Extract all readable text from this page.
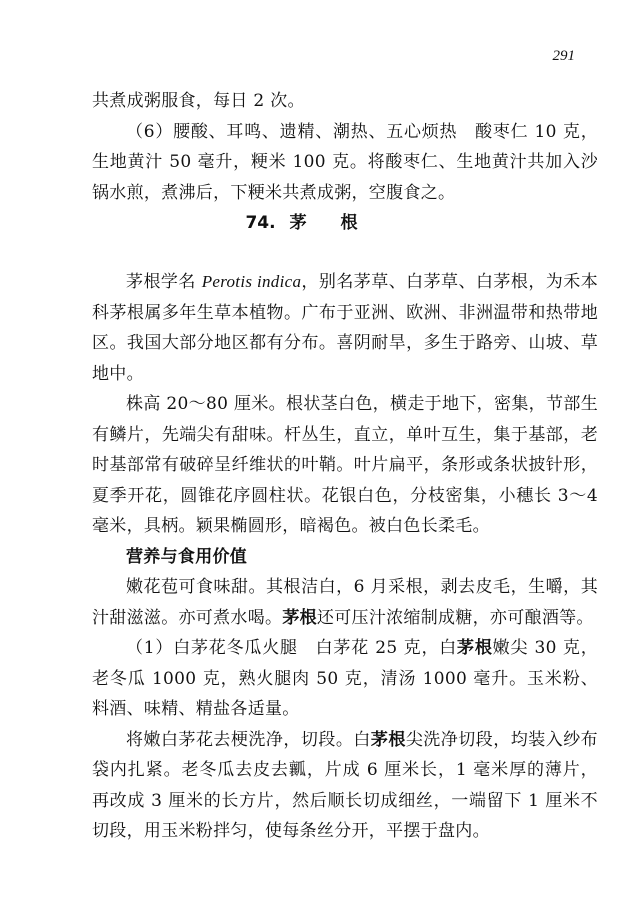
291

共煮成粥服食，每日 2 次。

（6）腰酸、耳鸣、遗精、潮热、五心烦热　酸枣仁 10 克，生地黄汁 50 毫升，粳米 100 克。将酸枣仁、生地黄汁共加入沙锅水煎，煮沸后，下粳米共煮成粥，空腹食之。

74. 茅根

茅根学名 Perotis indica，别名茅草、白茅草、白茅根，为禾本科茅根属多年生草本植物。广布于亚洲、欧洲、非洲温带和热带地区。我国大部分地区都有分布。喜阴耐旱，多生于路旁、山坡、草地中。

株高 20～80 厘米。根状茎白色，横走于地下，密集，节部生有鳞片，先端尖有甜味。杆丛生，直立，单叶互生，集于基部，老时基部常有破碎呈纤维状的叶鞘。叶片扁平，条形或条状披针形，夏季开花，圆锥花序圆柱状。花银白色，分枝密集，小穗长 3～4 毫米，具柄。颖果椭圆形，暗褐色。被白色长柔毛。

营养与食用价值

嫩花苞可食味甜。其根洁白，6 月采根，剥去皮毛，生嚼，其汁甜滋滋。亦可煮水喝。茅根还可压汁浓缩制成糖，亦可酿酒等。

（1）白茅花冬瓜火腿　白茅花 25 克，白茅根嫩尖 30 克，老冬瓜 1000 克，熟火腿肉 50 克，清汤 1000 毫升。玉米粉、料酒、味精、精盐各适量。

将嫩白茅花去梗洗净，切段。白茅根尖洗净切段，均装入纱布袋内扎紧。老冬瓜去皮去瓤，片成 6 厘米长，1 毫米厚的薄片，再改成 3 厘米的长方片，然后顺长切成细丝，一端留下 1 厘米不切段，用玉米粉拌匀，使每条丝分开，平摆于盘内。
